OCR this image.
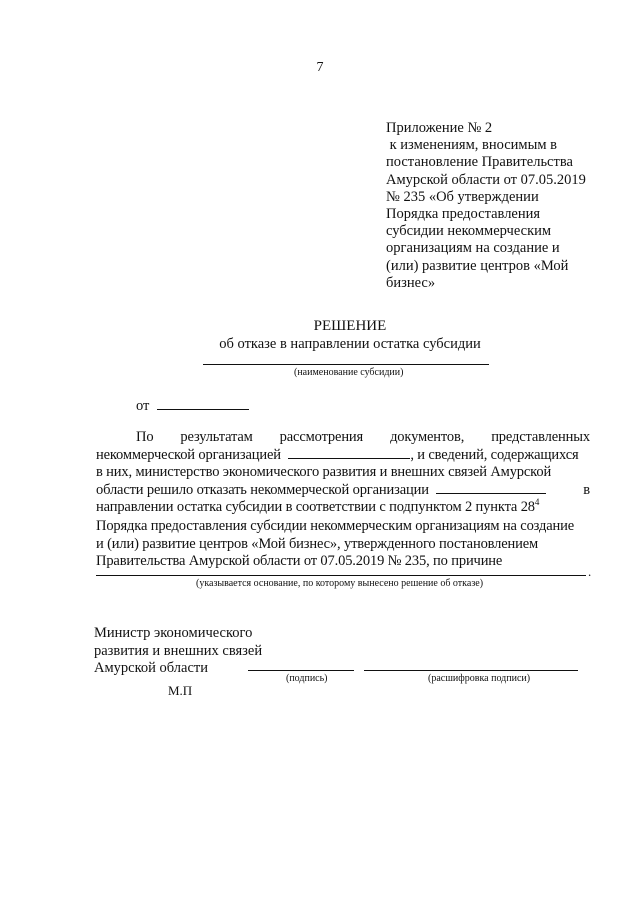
7
Приложение № 2
к изменениям, вносимым в
постановление Правительства
Амурской области от 07.05.2019
№ 235 «Об утверждении
Порядка предоставления
субсидии некоммерческим
организациям на создание и
(или) развитие центров «Мой
бизнес»
РЕШЕНИЕ
об отказе в направлении остатка субсидии
(наименование субсидии)
от
По результатам рассмотрения документов, представленных
некоммерческой организацией	, и сведений, содержащихся
в них, министерство экономического развития и внешних связей Амурской
области решило отказать некоммерческой организации	в
направлении остатка субсидии в соответствии с подпунктом 2 пункта $28^4$
Порядка предоставления субсидии некоммерческим организациям на создание
и (или) развитие центров «Мой бизнес», утвержденного постановлением
Правительства Амурской области от 07.05.2019 № 235, по причине
.
(указывается основание, по которому вынесено решение об отказе)
Министр экономического
развития и внешних связей
Амурской области
(подпись)	(расшифровка подписи)
М.П
